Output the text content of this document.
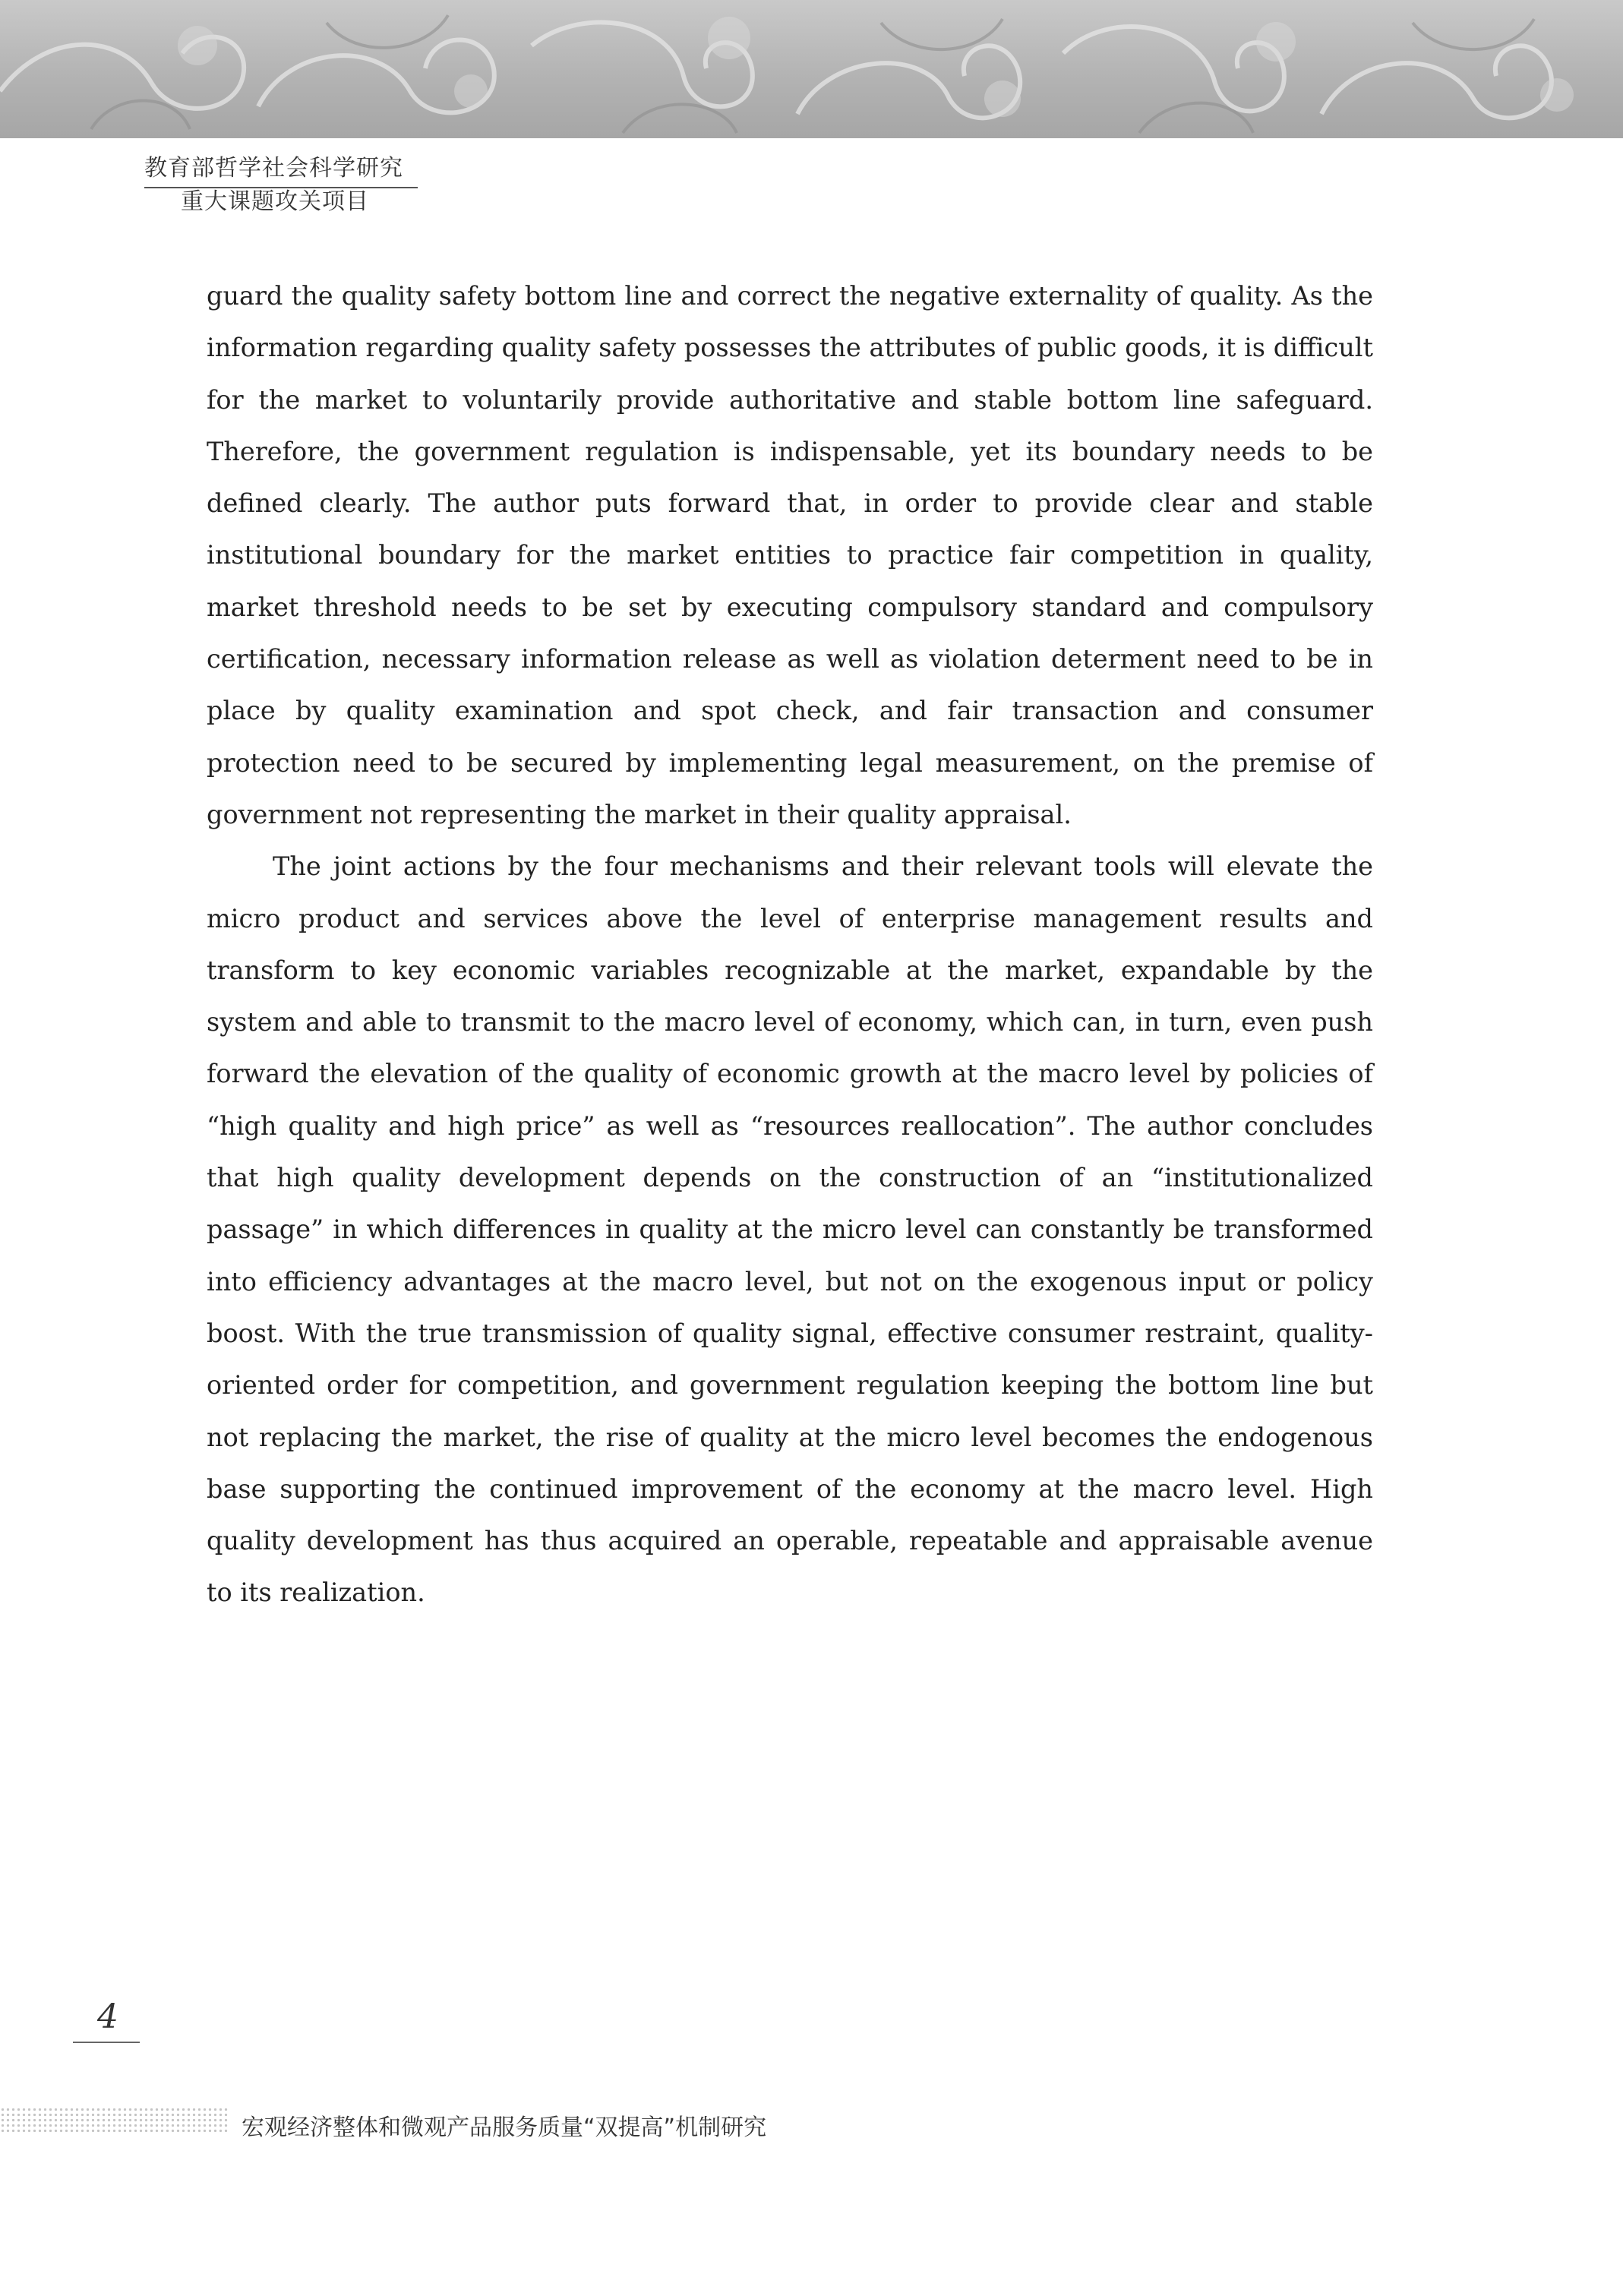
教育部哲学社会科学研究
重大课题攻关项目

guard the quality safety bottom line and correct the negative externality of quality. As the information regarding quality safety possesses the attributes of public goods, it is difficult for the market to voluntarily provide authoritative and stable bottom line safeguard. Therefore, the government regulation is indispensable, yet its boundary needs to be defined clearly. The author puts forward that, in order to provide clear and stable institutional boundary for the market entities to practice fair competition in quality, market threshold needs to be set by executing compulsory standard and compulsory certification, necessary information release as well as violation determent need to be in place by quality examination and spot check, and fair transaction and consumer protection need to be secured by implementing legal measurement, on the premise of government not representing the market in their quality appraisal.

The joint actions by the four mechanisms and their relevant tools will elevate the micro product and services above the level of enterprise management results and transform to key economic variables recognizable at the market, expandable by the system and able to transmit to the macro level of economy, which can, in turn, even push forward the elevation of the quality of economic growth at the macro level by policies of “high quality and high price” as well as “resources reallocation”. The author concludes that high quality development depends on the construction of an “institutionalized passage” in which differences in quality at the micro level can constantly be transformed into efficiency advantages at the macro level, but not on the exogenous input or policy boost. With the true transmission of quality signal, effective consumer restraint, quality-oriented order for competition, and government regulation keeping the bottom line but not replacing the market, the rise of quality at the micro level becomes the endogenous base supporting the continued improvement of the economy at the macro level. High quality development has thus acquired an operable, repeatable and appraisable avenue to its realization.

4
宏观经济整体和微观产品服务质量“双提高”机制研究
